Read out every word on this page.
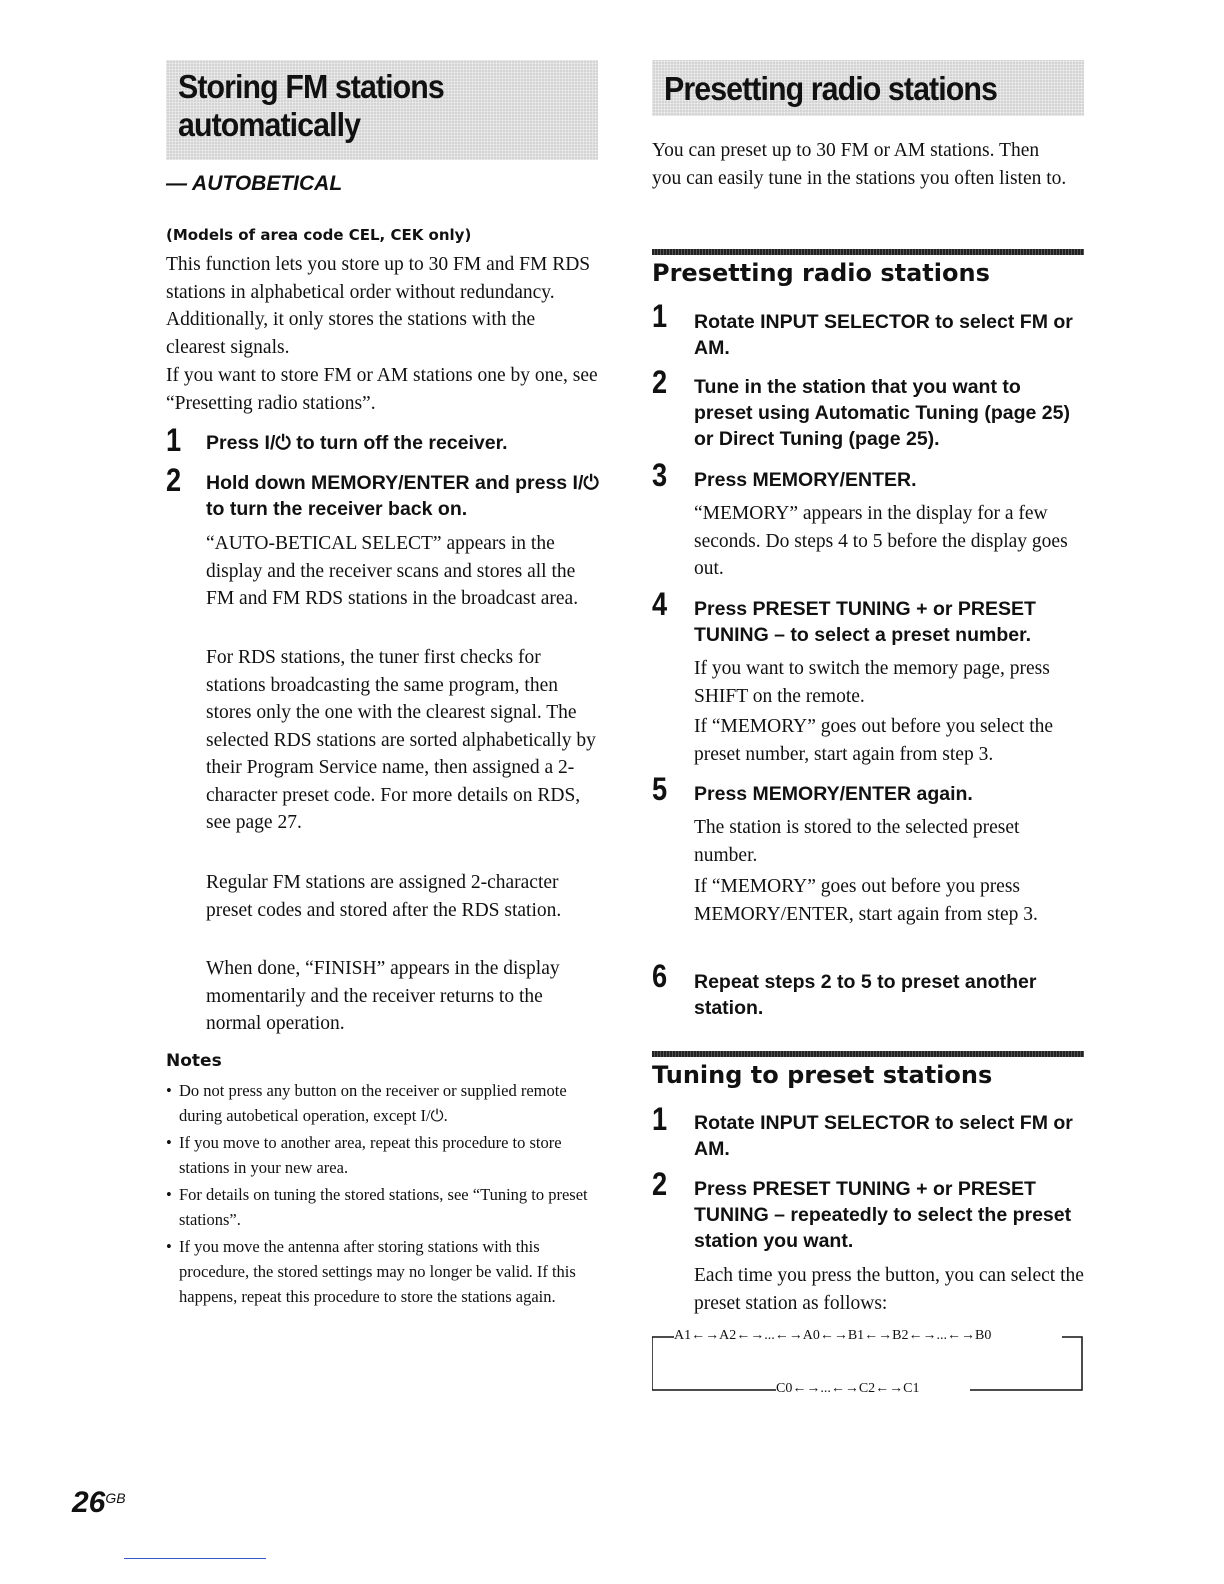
Storing FM stations
automatically
— AUTOBETICAL
(Models of area code CEL, CEK only)

This function lets you store up to 30 FM and FM RDS stations in alphabetical order without redundancy. Additionally, it only stores the stations with the clearest signals.

If you want to store FM or AM stations one by one, see “Presetting radio stations”.

1 Press I/⏻ to turn off the receiver.

2 Hold down MEMORY/ENTER and press I/⏻ to turn the receiver back on.

“AUTO-BETICAL SELECT” appears in the display and the receiver scans and stores all the FM and FM RDS stations in the broadcast area.

For RDS stations, the tuner first checks for stations broadcasting the same program, then stores only the one with the clearest signal. The selected RDS stations are sorted alphabetically by their Program Service name, then assigned a 2-character preset code. For more details on RDS, see page 27.

Regular FM stations are assigned 2-character preset codes and stored after the RDS station.

When done, “FINISH” appears in the display momentarily and the receiver returns to the normal operation.

Notes
• Do not press any button on the receiver or supplied remote during autobetical operation, except I/⏻.
• If you move to another area, repeat this procedure to store stations in your new area.
• For details on tuning the stored stations, see “Tuning to preset stations”.
• If you move the antenna after storing stations with this procedure, the stored settings may no longer be valid. If this happens, repeat this procedure to store the stations again.
Presetting radio stations

You can preset up to 30 FM or AM stations. Then you can easily tune in the stations you often listen to.

Presetting radio stations
1 Rotate INPUT SELECTOR to select FM or AM.

2 Tune in the station that you want to preset using Automatic Tuning (page 25) or Direct Tuning (page 25).

3 Press MEMORY/ENTER.

“MEMORY” appears in the display for a few seconds. Do steps 4 to 5 before the display goes out.

4 Press PRESET TUNING + or PRESET TUNING – to select a preset number.

If you want to switch the memory page, press SHIFT on the remote.

If “MEMORY” goes out before you select the preset number, start again from step 3.

5 Press MEMORY/ENTER again.

The station is stored to the selected preset number.

If “MEMORY” goes out before you press MEMORY/ENTER, start again from step 3.

6 Repeat steps 2 to 5 to preset another station.

Tuning to preset stations
1 Rotate INPUT SELECTOR to select FM or AM.

2 Press PRESET TUNING + or PRESET TUNING – repeatedly to select the preset station you want.

Each time you press the button, you can select the preset station as follows:

A1←→A2←→...←→A0←→B1←→B2←→...←→B0
C0←→...←→C2←→C1
$26^{GB}$
